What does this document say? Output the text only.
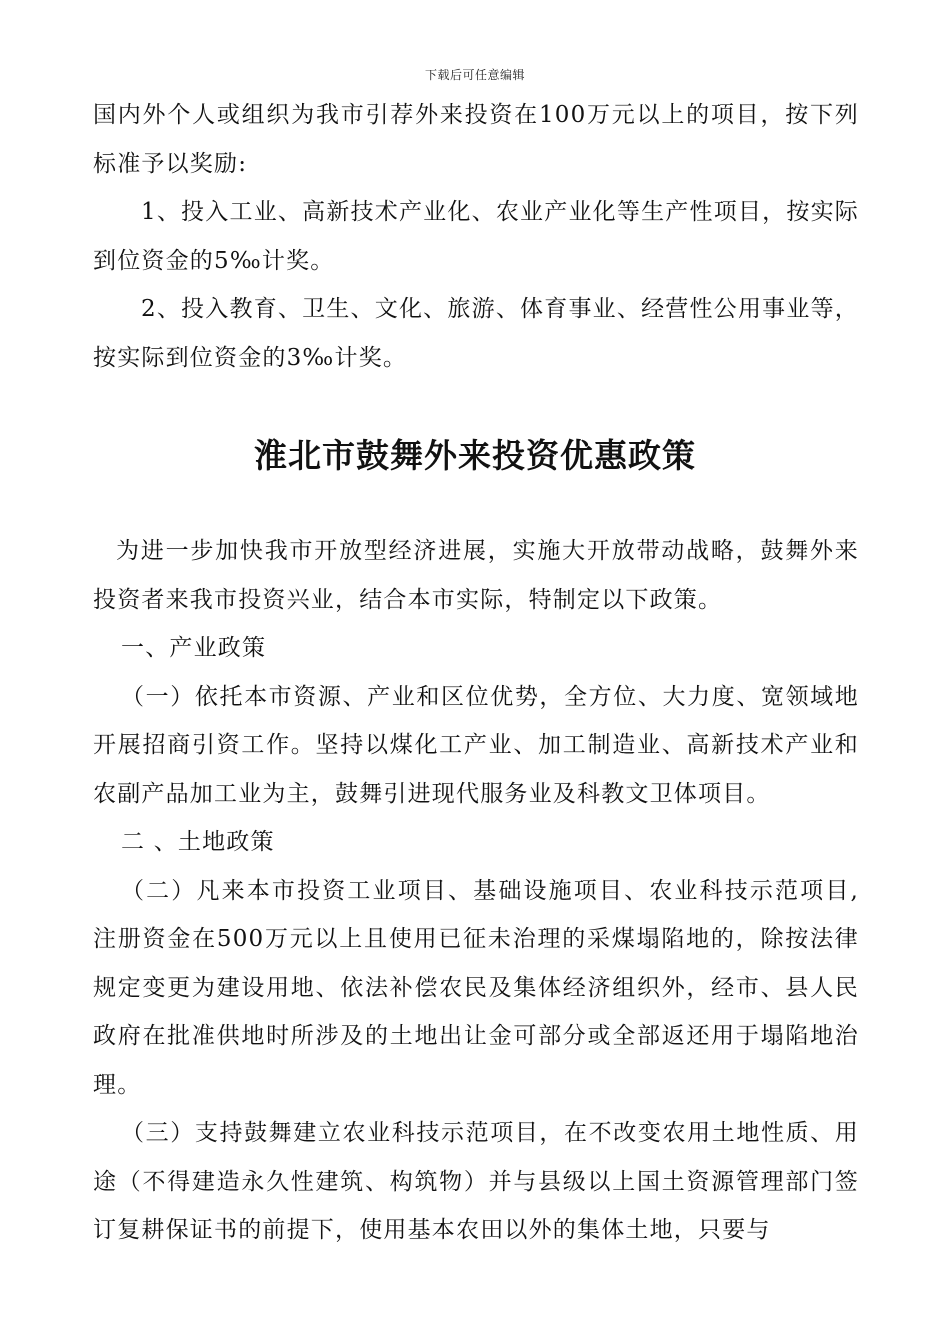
下载后可任意编辑

国内外个人或组织为我市引荐外来投资在100万元以上的项目，按下列标准予以奖励:

1、投入工业、高新技术产业化、农业产业化等生产性项目，按实际到位资金的5‰计奖。

2、投入教育、卫生、文化、旅游、体育事业、经营性公用事业等，按实际到位资金的3‰计奖。

淮北市鼓舞外来投资优惠政策

为进一步加快我市开放型经济进展，实施大开放带动战略，鼓舞外来投资者来我市投资兴业，结合本市实际，特制定以下政策。

一、产业政策

（一）依托本市资源、产业和区位优势，全方位、大力度、宽领域地开展招商引资工作。坚持以煤化工产业、加工制造业、高新技术产业和农副产品加工业为主，鼓舞引进现代服务业及科教文卫体项目。

二 、土地政策

（二）凡来本市投资工业项目、基础设施项目、农业科技示范项目, 注册资金在500万元以上且使用已征未治理的采煤塌陷地的，除按法律规定变更为建设用地、依法补偿农民及集体经济组织外，经市、县人民政府在批准供地时所涉及的土地出让金可部分或全部返还用于塌陷地治理。

（三）支持鼓舞建立农业科技示范项目，在不改变农用土地性质、用途（不得建造永久性建筑、构筑物）并与县级以上国土资源管理部门签订复耕保证书的前提下，使用基本农田以外的集体土地，只要与
